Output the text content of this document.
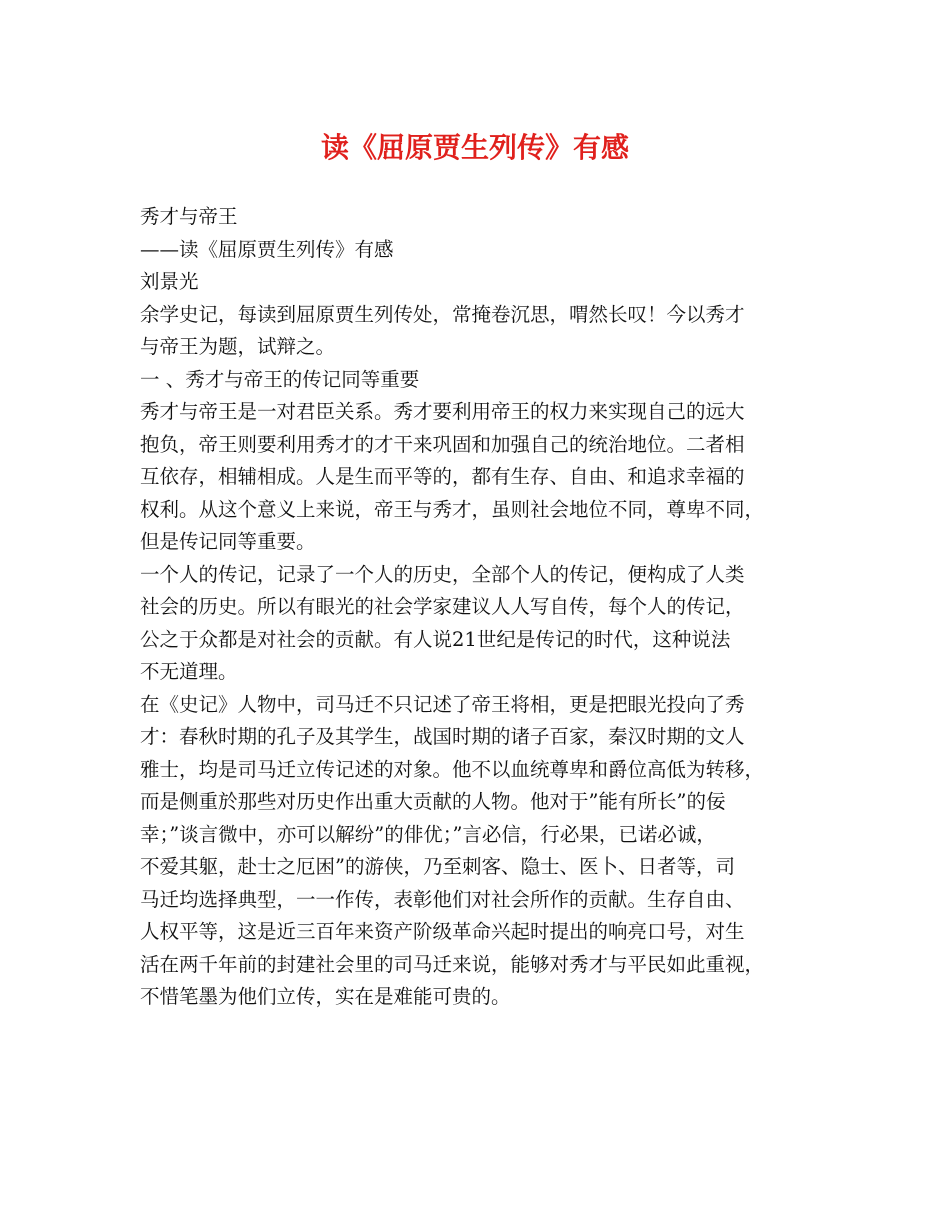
读《屈原贾生列传》有感

秀才与帝王

——读《屈原贾生列传》有感

刘景光

余学史记，每读到屈原贾生列传处，常掩卷沉思，喟然长叹！今以秀才

与帝王为题，试辩之。

一 、秀才与帝王的传记同等重要

秀才与帝王是一对君臣关系。秀才要利用帝王的权力来实现自己的远大

抱负，帝王则要利用秀才的才干来巩固和加强自己的统治地位。二者相

互依存，相辅相成。人是生而平等的，都有生存、自由、和追求幸福的

权利。从这个意义上来说，帝王与秀才，虽则社会地位不同，尊卑不同，

但是传记同等重要。

一个人的传记，记录了一个人的历史，全部个人的传记，便构成了人类

社会的历史。所以有眼光的社会学家建议人人写自传，每个人的传记，

公之于众都是对社会的贡献。有人说21世纪是传记的时代，这种说法

不无道理。

在《史记》人物中，司马迁不只记述了帝王将相，更是把眼光投向了秀

才：春秋时期的孔子及其学生，战国时期的诸子百家，秦汉时期的文人

雅士，均是司马迁立传记述的对象。他不以血统尊卑和爵位高低为转移，

而是侧重於那些对历史作出重大贡献的人物。他对于”能有所长”的佞

幸；”谈言微中，亦可以解纷”的俳优；”言必信，行必果，已诺必诚，

不爱其躯，赴士之厄困”的游侠，乃至刺客、隐士、医卜、日者等，司

马迁均选择典型，一一作传，表彰他们对社会所作的贡献。生存自由、

人权平等，这是近三百年来资产阶级革命兴起时提出的响亮口号，对生

活在两千年前的封建社会里的司马迁来说，能够对秀才与平民如此重视，

不惜笔墨为他们立传，实在是难能可贵的。
